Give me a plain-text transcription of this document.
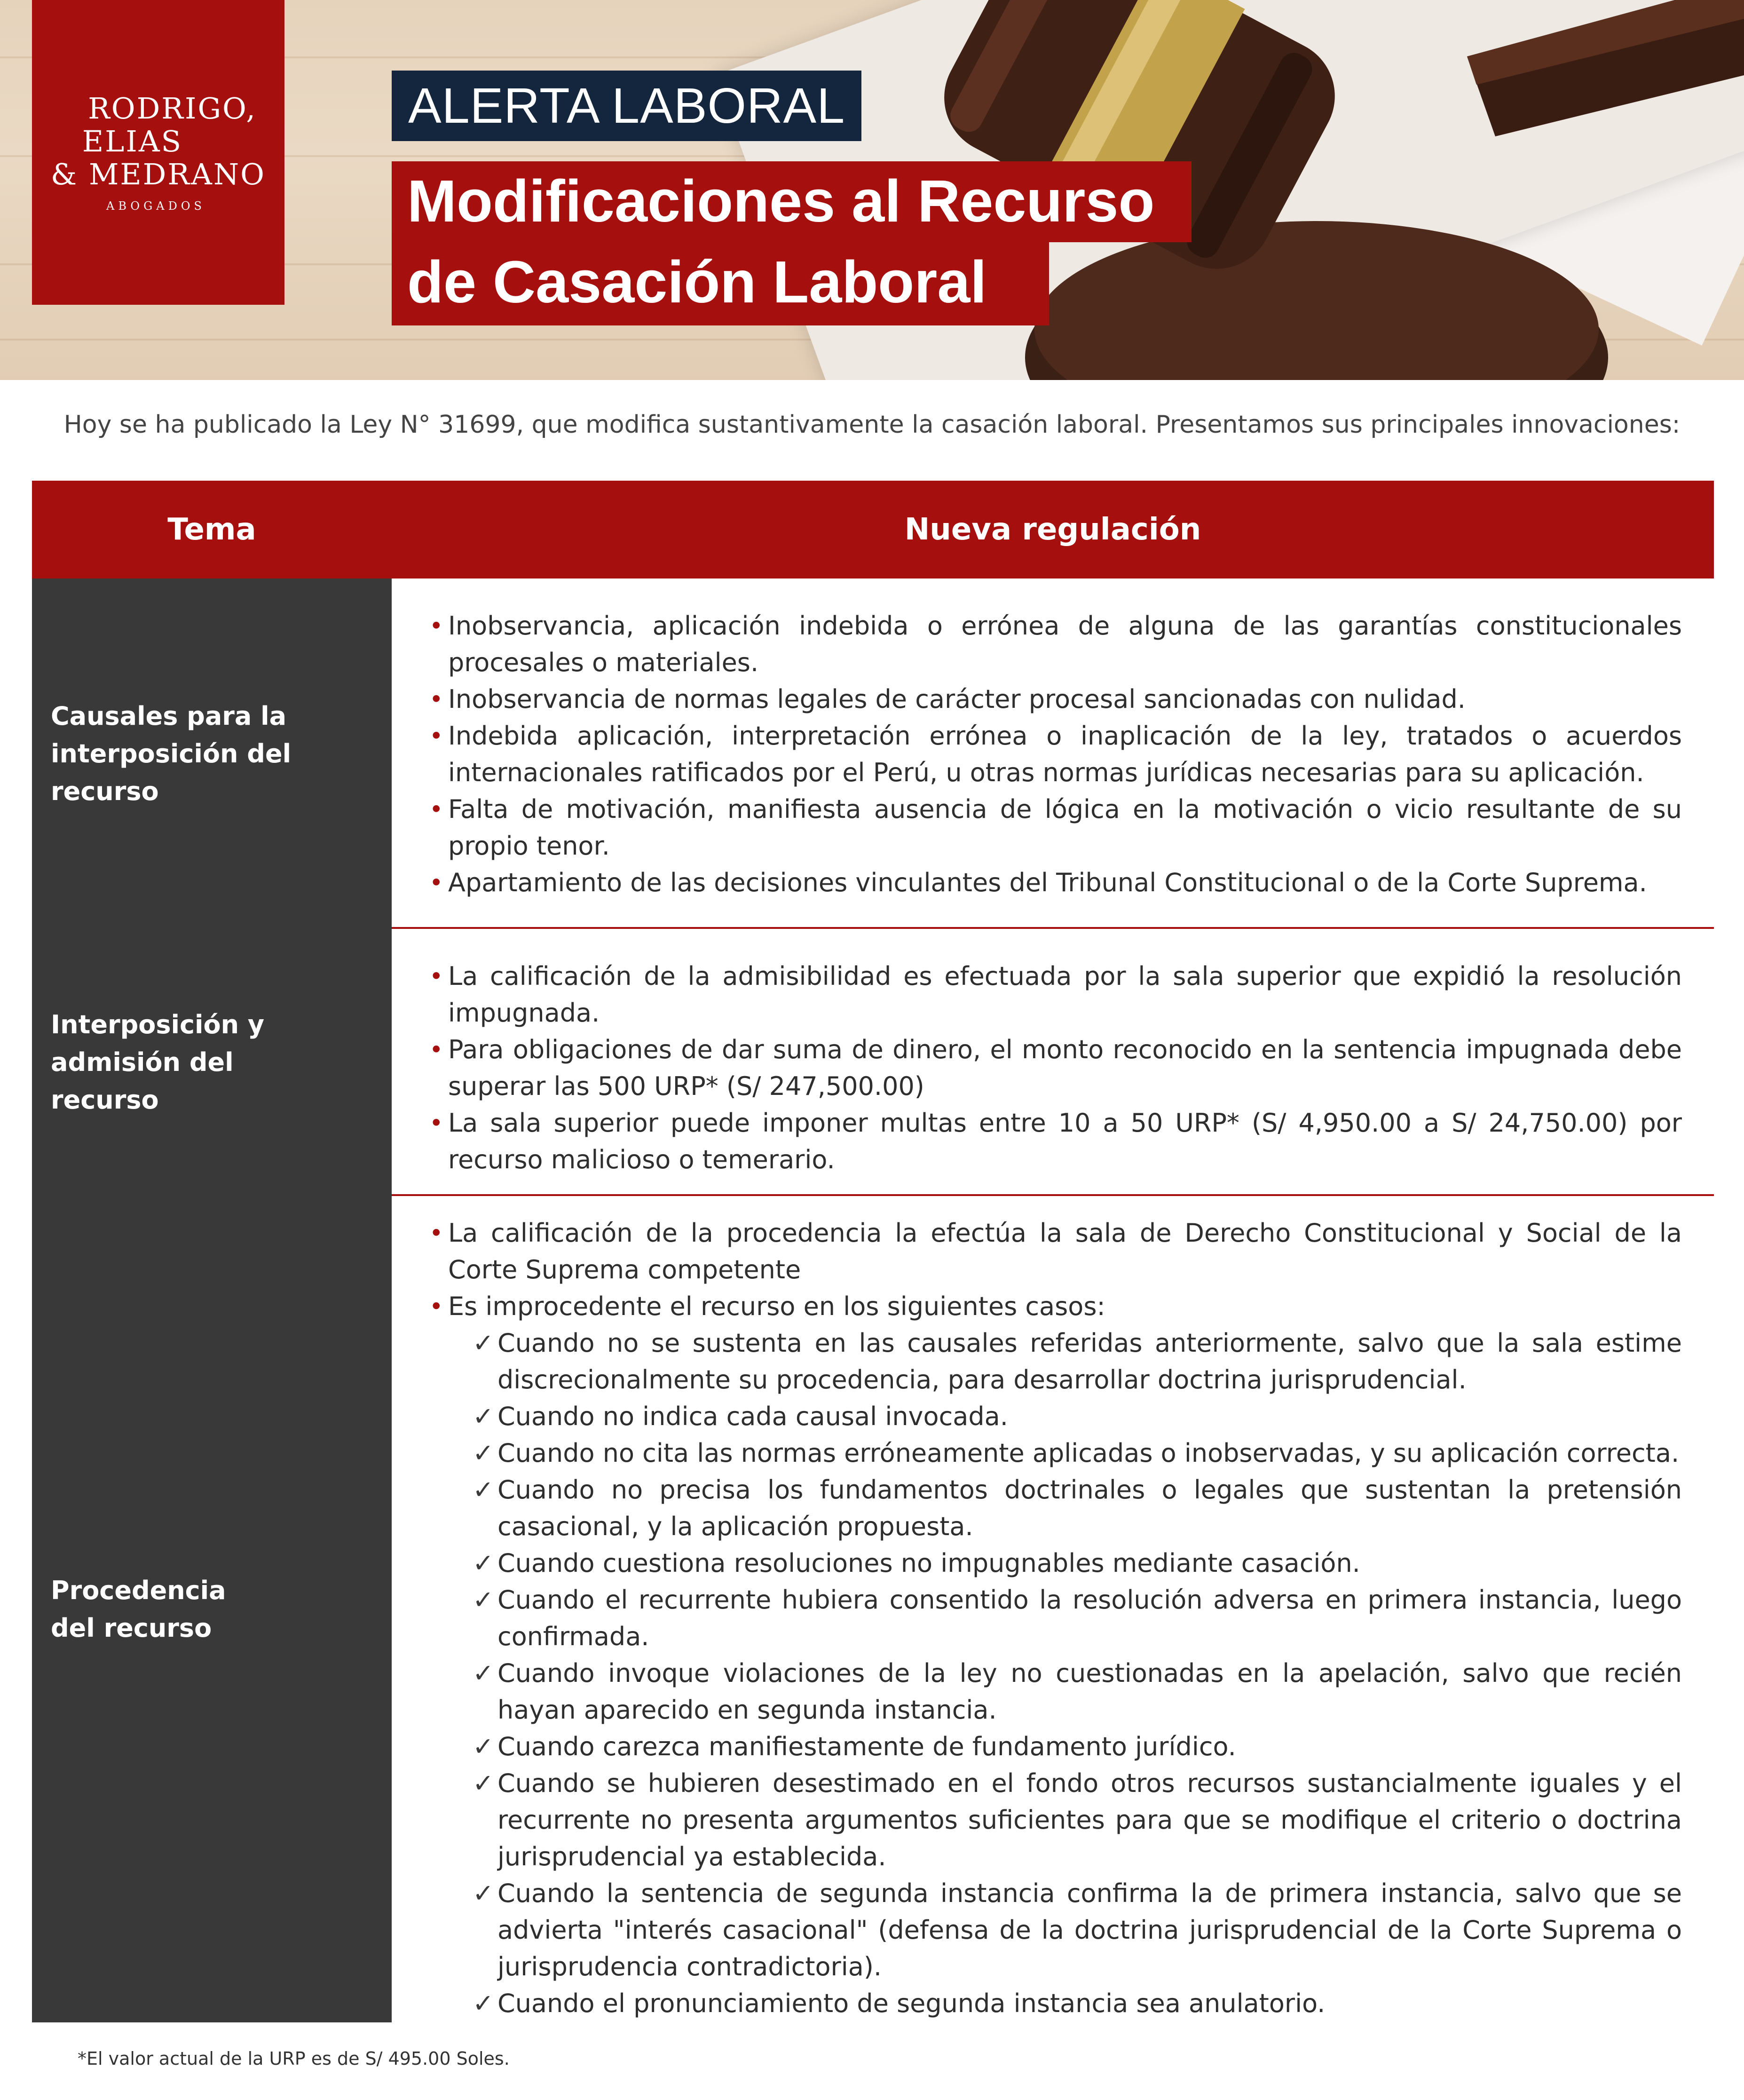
RODRIGO,
ELIAS
& MEDRANO
ABOGADOS
ALERTA LABORAL
Modificaciones al Recurso
de Casación Laboral
Hoy se ha publicado la Ley N° 31699, que modifica sustantivamente la casación laboral. Presentamos sus principales innovaciones:
Tema	Nueva regulación
Causales para la interposición del recurso
• Inobservancia, aplicación indebida o errónea de alguna de las garantías constitucionales procesales o materiales.
• Inobservancia de normas legales de carácter procesal sancionadas con nulidad.
• Indebida aplicación, interpretación errónea o inaplicación de la ley, tratados o acuerdos internacionales ratificados por el Perú, u otras normas jurídicas necesarias para su aplicación.
• Falta de motivación, manifiesta ausencia de lógica en la motivación o vicio resultante de su propio tenor.
• Apartamiento de las decisiones vinculantes del Tribunal Constitucional o de la Corte Suprema.
Interposición y admisión del recurso
• La calificación de la admisibilidad es efectuada por la sala superior que expidió la resolución impugnada.
• Para obligaciones de dar suma de dinero, el monto reconocido en la sentencia impugnada debe superar las 500 URP* (S/ 247,500.00)
• La sala superior puede imponer multas entre 10 a 50 URP* (S/ 4,950.00 a S/ 24,750.00) por recurso malicioso o temerario.
Procedencia del recurso
• La calificación de la procedencia la efectúa la sala de Derecho Constitucional y Social de la Corte Suprema competente
• Es improcedente el recurso en los siguientes casos:
✓ Cuando no se sustenta en las causales referidas anteriormente, salvo que la sala estime discrecionalmente su procedencia, para desarrollar doctrina jurisprudencial.
✓ Cuando no indica cada causal invocada.
✓ Cuando no cita las normas erróneamente aplicadas o inobservadas, y su aplicación correcta.
✓ Cuando no precisa los fundamentos doctrinales o legales que sustentan la pretensión casacional, y la aplicación propuesta.
✓ Cuando cuestiona resoluciones no impugnables mediante casación.
✓ Cuando el recurrente hubiera consentido la resolución adversa en primera instancia, luego confirmada.
✓ Cuando invoque violaciones de la ley no cuestionadas en la apelación, salvo que recién hayan aparecido en segunda instancia.
✓ Cuando carezca manifiestamente de fundamento jurídico.
✓ Cuando se hubieren desestimado en el fondo otros recursos sustancialmente iguales y el recurrente no presenta argumentos suficientes para que se modifique el criterio o doctrina jurisprudencial ya establecida.
✓ Cuando la sentencia de segunda instancia confirma la de primera instancia, salvo que se advierta "interés casacional" (defensa de la doctrina jurisprudencial de la Corte Suprema o jurisprudencia contradictoria).
✓ Cuando el pronunciamiento de segunda instancia sea anulatorio.
*El valor actual de la URP es de S/ 495.00 Soles.
